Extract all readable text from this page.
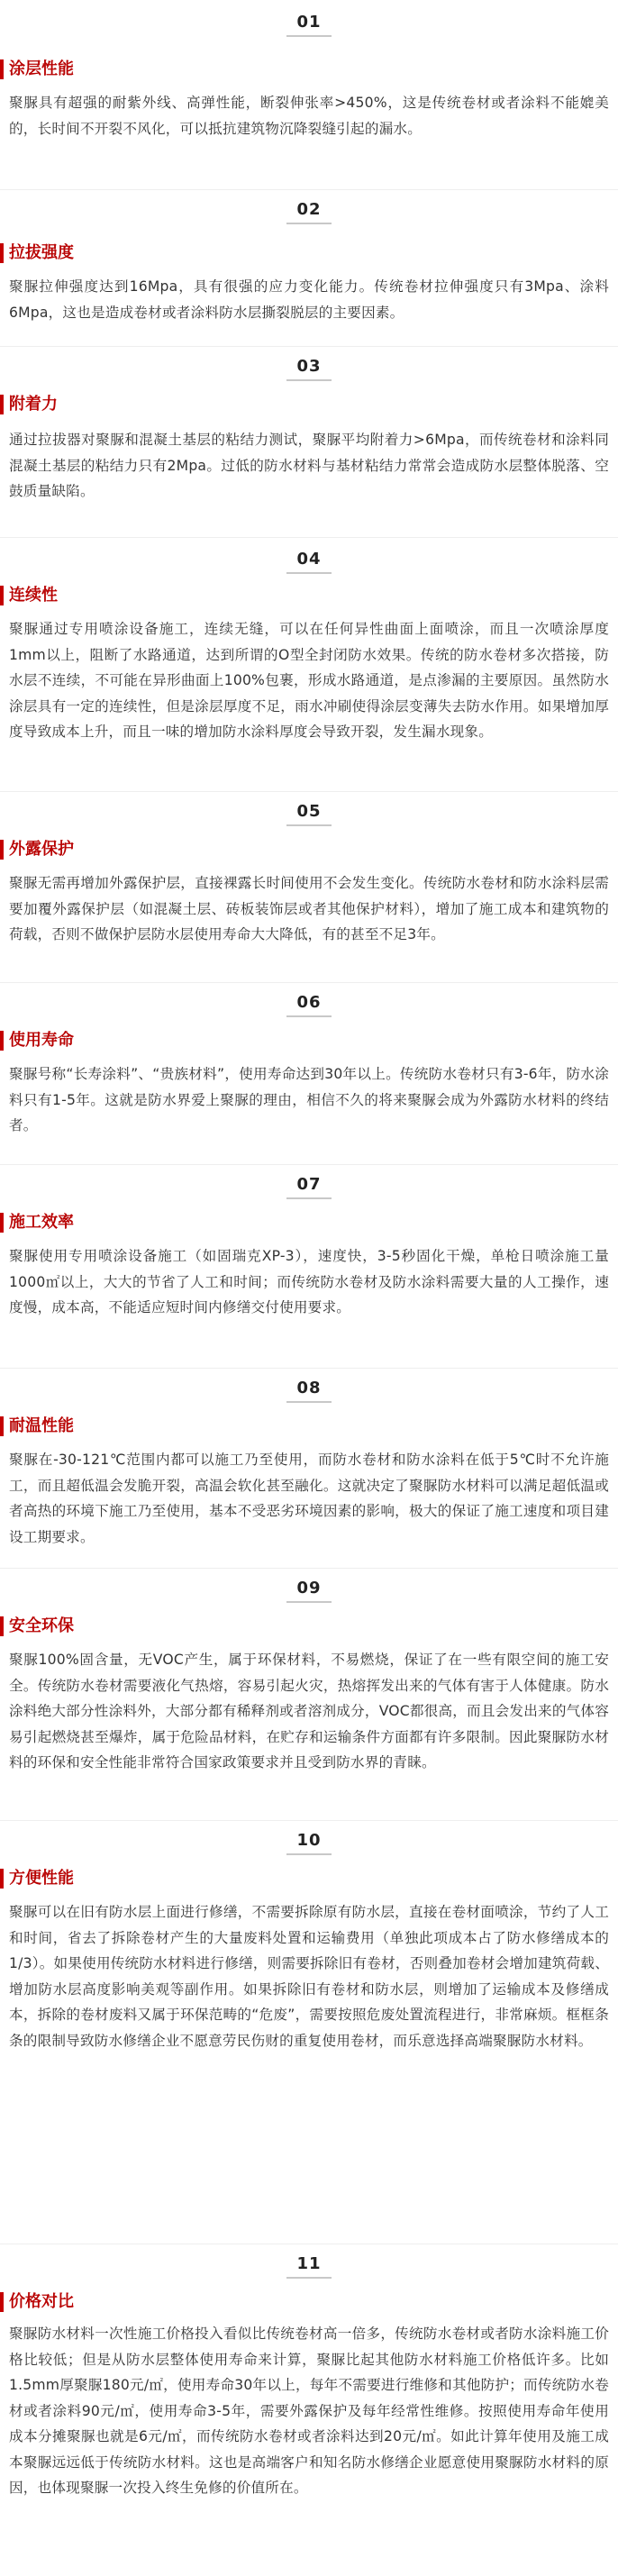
01
涂层性能

聚脲具有超强的耐紫外线、高弹性能，断裂伸张率>450%，这是传统卷材或者涂料不能媲美的，长时间不开裂不风化，可以抵抗建筑物沉降裂缝引起的漏水。

02
拉拔强度

聚脲拉伸强度达到16Mpa，具有很强的应力变化能力。传统卷材拉伸强度只有3Mpa、涂料6Mpa，这也是造成卷材或者涂料防水层撕裂脱层的主要因素。

03
附着力

通过拉拔器对聚脲和混凝土基层的粘结力测试，聚脲平均附着力>6Mpa，而传统卷材和涂料同混凝土基层的粘结力只有2Mpa。过低的防水材料与基材粘结力常常会造成防水层整体脱落、空鼓质量缺陷。

04
连续性

聚脲通过专用喷涂设备施工，连续无缝，可以在任何异性曲面上面喷涂，而且一次喷涂厚度1mm以上，阻断了水路通道，达到所谓的O型全封闭防水效果。传统的防水卷材多次搭接，防水层不连续，不可能在异形曲面上100%包裹，形成水路通道，是点渗漏的主要原因。虽然防水涂层具有一定的连续性，但是涂层厚度不足，雨水冲刷使得涂层变薄失去防水作用。如果增加厚度导致成本上升，而且一味的增加防水涂料厚度会导致开裂，发生漏水现象。

05
外露保护

聚脲无需再增加外露保护层，直接裸露长时间使用不会发生变化。传统防水卷材和防水涂料层需要加覆外露保护层（如混凝土层、砖板装饰层或者其他保护材料），增加了施工成本和建筑物的荷载，否则不做保护层防水层使用寿命大大降低，有的甚至不足3年。

06
使用寿命

聚脲号称“长寿涂料”、“贵族材料”，使用寿命达到30年以上。传统防水卷材只有3-6年，防水涂料只有1-5年。这就是防水界爱上聚脲的理由，相信不久的将来聚脲会成为外露防水材料的终结者。

07
施工效率

聚脲使用专用喷涂设备施工（如固瑞克XP-3），速度快，3-5秒固化干燥，单枪日喷涂施工量1000㎡以上，大大的节省了人工和时间；而传统防水卷材及防水涂料需要大量的人工操作，速度慢，成本高，不能适应短时间内修缮交付使用要求。

08
耐温性能

聚脲在-30-121℃范围内都可以施工乃至使用，而防水卷材和防水涂料在低于5℃时不允许施工，而且超低温会发脆开裂，高温会软化甚至融化。这就决定了聚脲防水材料可以满足超低温或者高热的环境下施工乃至使用，基本不受恶劣环境因素的影响，极大的保证了施工速度和项目建设工期要求。

09
安全环保

聚脲100%固含量，无VOC产生，属于环保材料，不易燃烧，保证了在一些有限空间的施工安全。传统防水卷材需要液化气热熔，容易引起火灾，热熔挥发出来的气体有害于人体健康。防水涂料绝大部分性涂料外，大部分都有稀释剂或者溶剂成分，VOC都很高，而且会发出来的气体容易引起燃烧甚至爆炸，属于危险品材料，在贮存和运输条件方面都有许多限制。因此聚脲防水材料的环保和安全性能非常符合国家政策要求并且受到防水界的青睐。

10
方便性能

聚脲可以在旧有防水层上面进行修缮，不需要拆除原有防水层，直接在卷材面喷涂，节约了人工和时间，省去了拆除卷材产生的大量废料处置和运输费用（单独此项成本占了防水修缮成本的1/3）。如果使用传统防水材料进行修缮，则需要拆除旧有卷材，否则叠加卷材会增加建筑荷载、增加防水层高度影响美观等副作用。如果拆除旧有卷材和防水层，则增加了运输成本及修缮成本，拆除的卷材废料又属于环保范畴的“危废”，需要按照危废处置流程进行，非常麻烦。框框条条的限制导致防水修缮企业不愿意劳民伤财的重复使用卷材，而乐意选择高端聚脲防水材料。

11
价格对比

聚脲防水材料一次性施工价格投入看似比传统卷材高一倍多，传统防水卷材或者防水涂料施工价格比较低；但是从防水层整体使用寿命来计算，聚脲比起其他防水材料施工价格低许多。比如1.5mm厚聚脲180元/㎡，使用寿命30年以上，每年不需要进行维修和其他防护；而传统防水卷材或者涂料90元/㎡，使用寿命3-5年，需要外露保护及每年经常性维修。按照使用寿命年使用成本分摊聚脲也就是6元/㎡，而传统防水卷材或者涂料达到20元/㎡。如此计算年使用及施工成本聚脲远远低于传统防水材料。这也是高端客户和知名防水修缮企业愿意使用聚脲防水材料的原因，也体现聚脲一次投入终生免修的价值所在。
